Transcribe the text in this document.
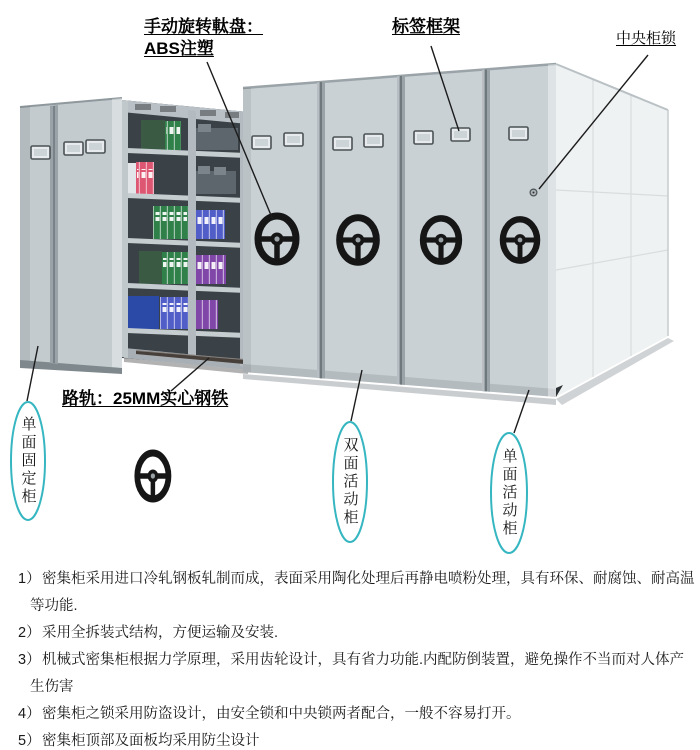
手动旋转軚盘：
ABS注塑
标签框架
中央柜锁
路轨：25MM实心钢铁
单面固定柜	双面活动柜	单面活动柜
1）密集柜采用进口冷轧钢板轧制而成，表面采用陶化处理后再静电喷粉处理，具有环保、耐腐蚀、耐高温
等功能.
2）采用全拆装式结构，方便运输及安装.
3）机械式密集柜根据力学原理，采用齿轮设计，具有省力功能.内配防倒装置，避免操作不当而对人体产
生伤害
4）密集柜之锁采用防盗设计，由安全锁和中央锁两者配合，一般不容易打开。
5）密集柜顶部及面板均采用防尘设计
